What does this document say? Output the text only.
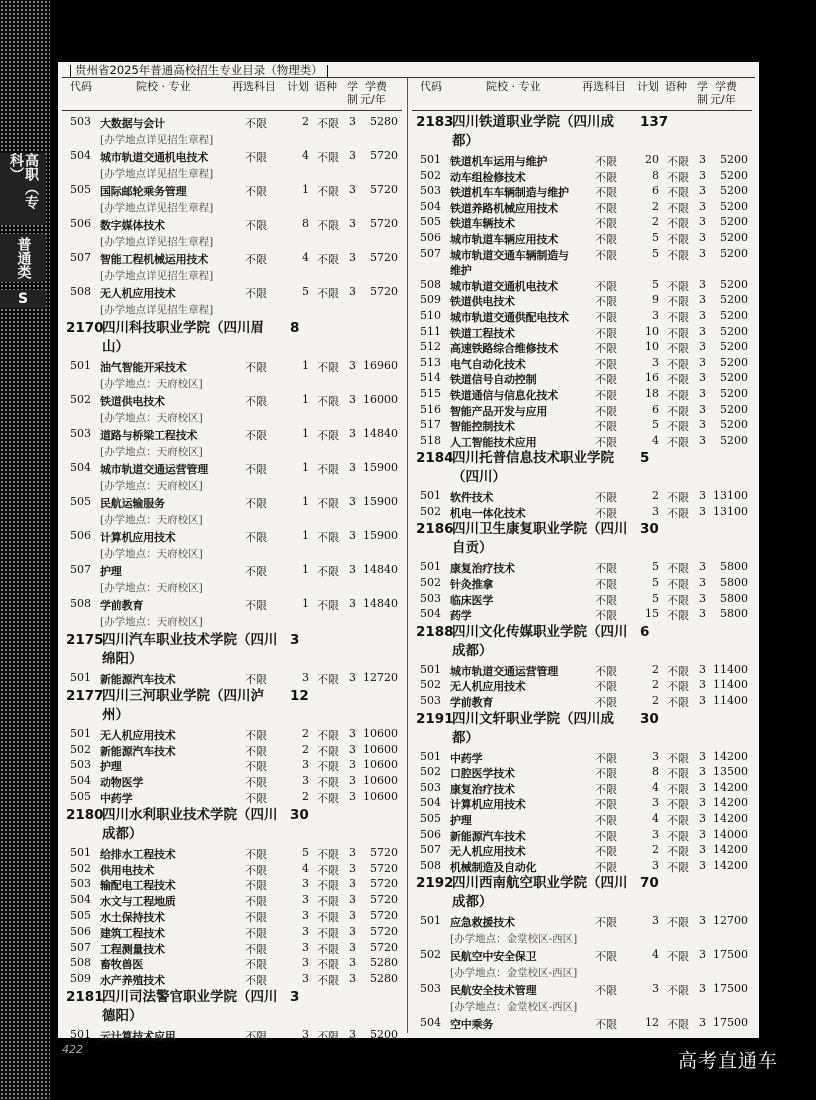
高职（专科）
普通类
S
贵州省2025年普通高校招生专业目录（物理类）
代码	院校 · 专业	再选科目 计划 语种 学
制
学费
元/年
503 大数据与会计	不限	2 不限 3	5280
[办学地点详见招生章程]
504 城市轨道交通机电技术	不限	4 不限 3	5720
[办学地点详见招生章程]
505 国际邮轮乘务管理	不限	1 不限 3	5720
[办学地点详见招生章程]
506 数字媒体技术	不限	8 不限 3	5720
[办学地点详见招生章程]
507 智能工程机械运用技术	不限	4 不限 3	5720
[办学地点详见招生章程]
508 无人机应用技术	不限	5 不限 3	5720
[办学地点详见招生章程]
2170
四川科技职业学院（四川眉	8
山）
501 油气智能开采技术	不限	1 不限 3 16960
[办学地点：天府校区]
502 铁道供电技术	不限	1 不限 3 16000
[办学地点：天府校区]
503 道路与桥梁工程技术	不限	1 不限 3 14840
[办学地点：天府校区]
504 城市轨道交通运营管理	不限	1 不限 3 15900
[办学地点：天府校区]
505 民航运输服务	不限	1 不限 3 15900
[办学地点：天府校区]
506 计算机应用技术	不限	1 不限 3 15900
[办学地点：天府校区]
507 护理	不限	1 不限 3 14840
[办学地点：天府校区]
508 学前教育	不限	1 不限 3 14840
[办学地点：天府校区]
2175
四川汽车职业技术学院（四川 3
绵阳）
501 新能源汽车技术	不限	3 不限 3 12720
2177
四川三河职业学院（四川泸	12
州）
501 无人机应用技术	不限	2 不限 3 10600
502 新能源汽车技术	不限	2 不限 3 10600
503 护理	不限	3 不限 3 10600
504 动物医学	不限	3 不限 3 10600
505 中药学	不限	2 不限 3 10600
2180
四川水利职业技术学院（四川 30
成都）
501 给排水工程技术	不限	5 不限 3	5720
502 供用电技术	不限	4 不限 3	5720
503 输配电工程技术	不限	3 不限 3	5720
504 水文与工程地质	不限	3 不限 3	5720
505 水土保持技术	不限	3 不限 3	5720
506 建筑工程技术	不限	3 不限 3	5720
507 工程测量技术	不限	3 不限 3	5720
508 畜牧兽医	不限	3 不限 3	5280
509 水产养殖技术	不限	3 不限 3	5280
2181
四川司法警官职业学院（四川 3
德阳）
501 云计算技术应用	不限	3 不限 3	5200
代码	院校 · 专业	再选科目 计划 语种 学
制
学费
元/年
2183
四川铁道职业学院（四川成	137
都）
501 铁道机车运用与维护	不限	20 不限 3	5200
502 动车组检修技术	不限	8 不限 3	5200
503 铁道机车车辆制造与维护 不限	6 不限 3	5200
504 铁道养路机械应用技术	不限	2 不限 3	5200
505 铁道车辆技术	不限	2 不限 3	5200
506 城市轨道车辆应用技术	不限	5 不限 3	5200
507 城市轨道交通车辆制造与 不限	5 不限 3	5200
维护
508 城市轨道交通机电技术	不限	5 不限 3	5200
509 铁道供电技术	不限	9 不限 3	5200
510 城市轨道交通供配电技术 不限	3 不限 3	5200
511 铁道工程技术	不限	10 不限 3	5200
512 高速铁路综合维修技术	不限	10 不限 3	5200
513 电气自动化技术	不限	3 不限 3	5200
514 铁道信号自动控制	不限	16 不限 3	5200
515 铁道通信与信息化技术	不限	18 不限 3	5200
516 智能产品开发与应用	不限	6 不限 3	5200
517 智能控制技术	不限	5 不限 3	5200
518 人工智能技术应用	不限	4 不限 3	5200
2184
四川托普信息技术职业学院	5
（四川）
501 软件技术	不限	2 不限 3 13100
502 机电一体化技术	不限	3 不限 3 13100
2186
四川卫生康复职业学院（四川 30
自贡）
501 康复治疗技术	不限	5 不限 3	5800
502 针灸推拿	不限	5 不限 3	5800
503 临床医学	不限	5 不限 3	5800
504 药学	不限	15 不限 3	5800
2188
四川文化传媒职业学院（四川 6
成都）
501 城市轨道交通运营管理	不限	2 不限 3 11400
502 无人机应用技术	不限	2 不限 3 11400
503 学前教育	不限	2 不限 3 11400
2191
四川文轩职业学院（四川成	30
都）
501 中药学	不限	3 不限 3 14200
502 口腔医学技术	不限	8 不限 3 13500
503 康复治疗技术	不限	4 不限 3 14200
504 计算机应用技术	不限	3 不限 3 14200
505 护理	不限	4 不限 3 14200
506 新能源汽车技术	不限	3 不限 3 14000
507 无人机应用技术	不限	2 不限 3 14200
508 机械制造及自动化	不限	3 不限 3 14200
2192
四川西南航空职业学院（四川 70
成都）
501 应急救援技术	不限	3 不限 3 12700
[办学地点：金堂校区-西区]
502 民航空中安全保卫	不限	4 不限 3 17500
[办学地点：金堂校区-西区]
503 民航安全技术管理	不限	3 不限 3 17500
[办学地点：金堂校区-西区]
504 空中乘务	不限	12 不限 3 17500
422
高考直通车
